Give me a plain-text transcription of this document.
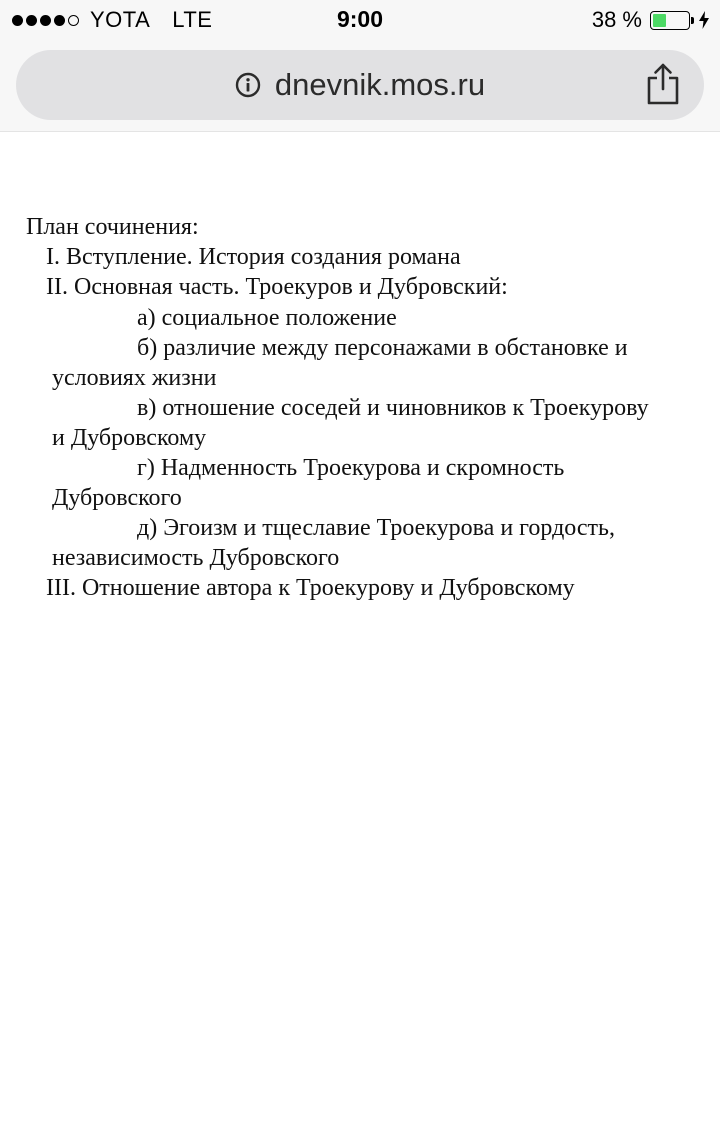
YOTA LTE	9:00	38 %
dnevnik.mos.ru
План сочинения:
I. Вступление. История создания романа
II. Основная часть. Троекуров и Дубровский:
а) социальное положение
б) различие между персонажами в обстановке и
условиях жизни
в) отношение соседей и чиновников к Троекурову
и Дубровскому
г) Надменность Троекурова и скромность
Дубровского
д) Эгоизм и тщеславие Троекурова и гордость,
независимость Дубровского
III. Отношение автора к Троекурову и Дубровскому
